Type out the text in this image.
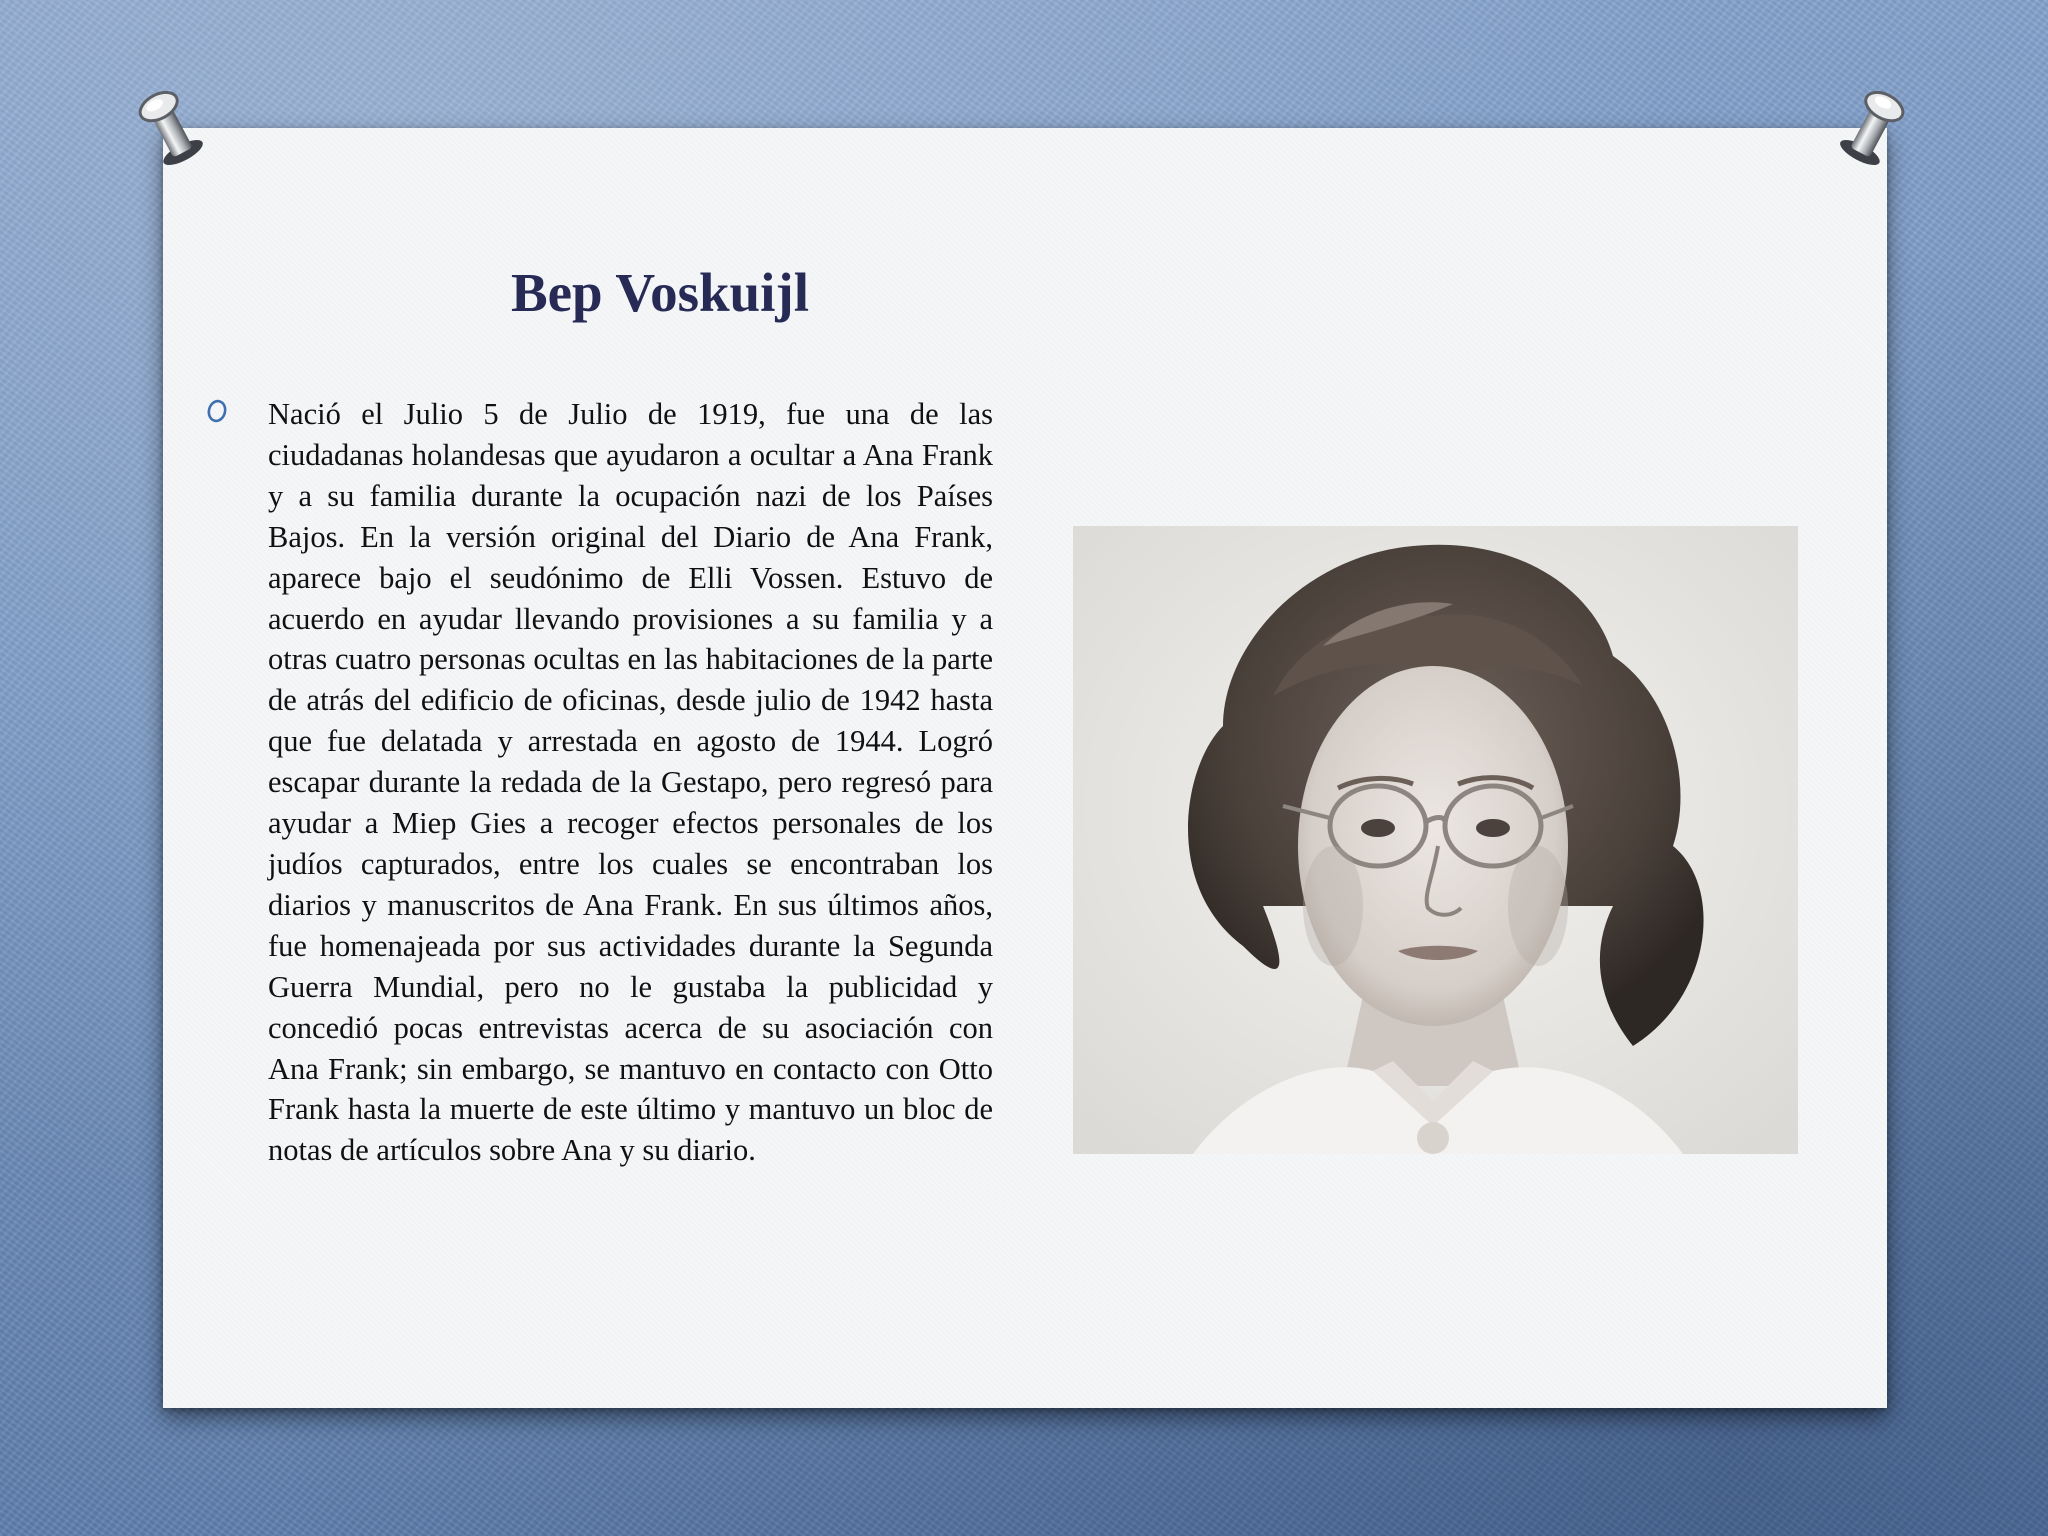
Bep Voskuijl

Nació el Julio 5 de Julio de 1919, fue una de las ciudadanas holandesas que ayudaron a ocultar a Ana Frank y a su familia durante la ocupación nazi de los Países Bajos. En la versión original del Diario de Ana Frank, aparece bajo el seudónimo de Elli Vossen. Estuvo de acuerdo en ayudar llevando provisiones a su familia y a otras cuatro personas ocultas en las habitaciones de la parte de atrás del edificio de oficinas, desde julio de 1942 hasta que fue delatada y arrestada en agosto de 1944. Logró escapar durante la redada de la Gestapo, pero regresó para ayudar a Miep Gies a recoger efectos personales de los judíos capturados, entre los cuales se encontraban los diarios y manuscritos de Ana Frank. En sus últimos años, fue homenajeada por sus actividades durante la Segunda Guerra Mundial, pero no le gustaba la publicidad y concedió pocas entrevistas acerca de su asociación con Ana Frank; sin embargo, se mantuvo en contacto con Otto Frank hasta la muerte de este último y mantuvo un bloc de notas de artículos sobre Ana y su diario.
